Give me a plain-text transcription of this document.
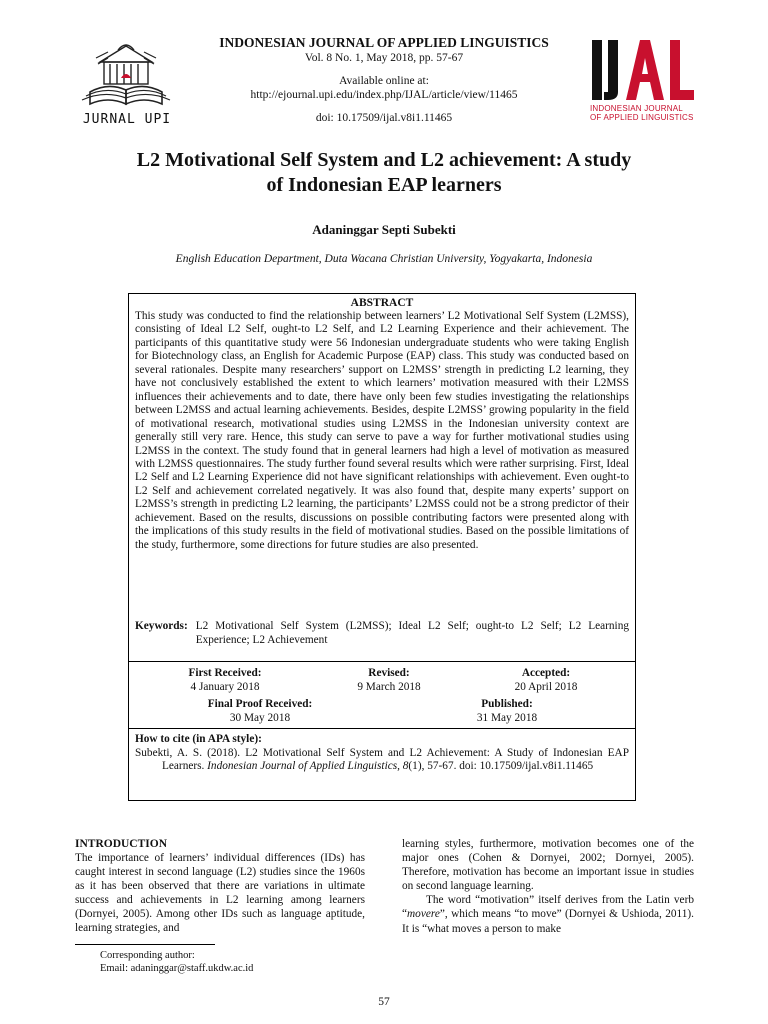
JURNAL UPI
INDONESIAN JOURNAL OF APPLIED LINGUISTICS
Vol. 8 No. 1, May 2018, pp. 57-67
Available online at:
http://ejournal.upi.edu/index.php/IJAL/article/view/11465
doi: 10.17509/ijal.v8i1.11465
INDONESIAN JOURNAL
OF APPLIED LINGUISTICS
L2 Motivational Self System and L2 achievement: A study
of Indonesian EAP learners
Adaninggar Septi Subekti
English Education Department, Duta Wacana Christian University, Yogyakarta, Indonesia
ABSTRACT

This study was conducted to find the relationship between learners’ L2 Motivational Self System (L2MSS), consisting of Ideal L2 Self, ought-to L2 Self, and L2 Learning Experience and their achievement. The participants of this quantitative study were 56 Indonesian undergraduate students who were taking English for Biotechnology class, an English for Academic Purpose (EAP) class. This study was conducted based on several rationales. Despite many researchers’ support on L2MSS’ strength in predicting L2 learning, they have not conclusively established the extent to which learners’ motivation measured with their L2MSS influences their achievements and to date, there have only been few studies investigating the relationships between L2MSS and actual learning achievements. Besides, despite L2MSS’ growing popularity in the field of motivational research, motivational studies using L2MSS in the Indonesian university context are generally still very rare. Hence, this study can serve to pave a way for further motivational studies using L2MSS in the context. The study found that in general learners had high a level of motivation as measured with L2MSS questionnaires. The study further found several results which were rather surprising. First, Ideal L2 Self and L2 Learning Experience did not have significant relationships with achievement. Even ought-to L2 Self and achievement correlated negatively. It was also found that, despite many experts’ support on L2MSS’s strength in predicting L2 learning, the participants’ L2MSS could not be a strong predictor of their achievement. Based on the results, discussions on possible contributing factors were presented along with the implications of this study results in the field of motivational studies. Based on the possible limitations of the study, furthermore, some directions for future studies are also presented.

Keywords: L2 Motivational Self System (L2MSS); Ideal L2 Self; ought-to L2 Self; L2 Learning Experience; L2 Achievement
First Received:	Revised:	Accepted:
4 January 2018	9 March 2018	20 April 2018
Final Proof Received:	Published:
30 May 2018	31 May 2018
How to cite (in APA style):
Subekti, A. S. (2018). L2 Motivational Self System and L2 Achievement: A Study of Indonesian EAP Learners. Indonesian Journal of Applied Linguistics, 8(1), 57-67. doi: 10.17509/ijal.v8i1.11465
INTRODUCTION

The importance of learners’ individual differences (IDs) has caught interest in second language (L2) studies since the 1960s as it has been observed that there are variations in ultimate success and achievements in L2 learning among learners (Dornyei, 2005). Among other IDs such as language aptitude, learning strategies, and

learning styles, furthermore, motivation becomes one of the major ones (Cohen & Dornyei, 2002; Dornyei, 2005). Therefore, motivation has become an important issue in studies on second language learning.

The word “motivation” itself derives from the Latin verb “movere”, which means “to move” (Dornyei & Ushioda, 2011). It is “what moves a person to make

Corresponding author:
Email: adaninggar@staff.ukdw.ac.id
57
